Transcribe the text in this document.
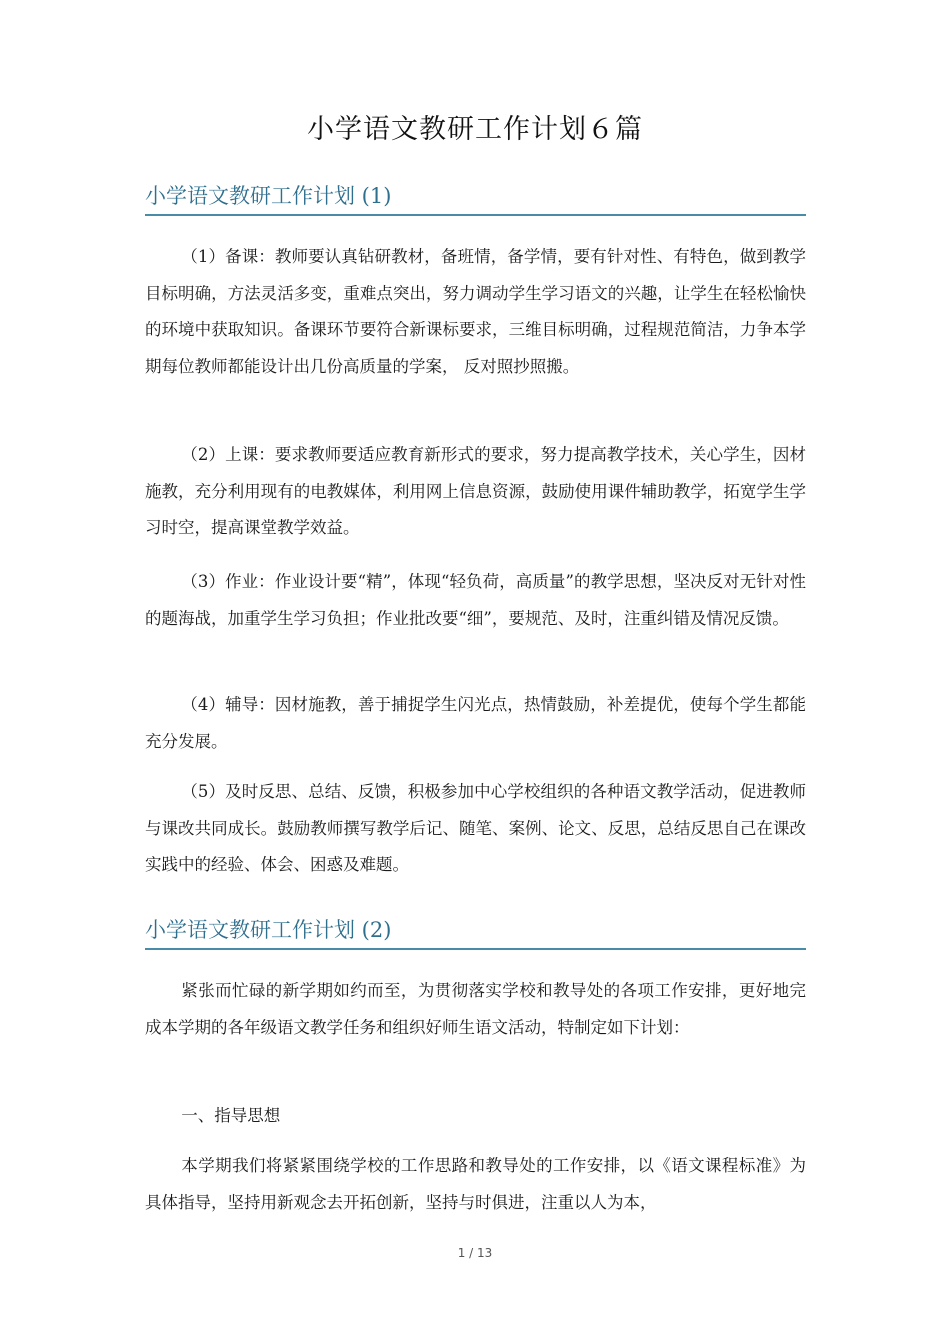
小学语文教研工作计划６篇
小学语文教研工作计划 (1)

（1）备课：教师要认真钻研教材，备班情，备学情，要有针对性、有特色，做到教学目标明确，方法灵活多变，重难点突出，努力调动学生学习语文的兴趣，让学生在轻松愉快的环境中获取知识。备课环节要符合新课标要求，三维目标明确，过程规范简洁，力争本学期每位教师都能设计出几份高质量的学案， 反对照抄照搬。

（2）上课：要求教师要适应教育新形式的要求，努力提高教学技术，关心学生，因材施教，充分利用现有的电教媒体，利用网上信息资源，鼓励使用课件辅助教学，拓宽学生学习时空，提高课堂教学效益。

（3）作业：作业设计要“精”，体现“轻负荷，高质量”的教学思想，坚决反对无针对性的题海战，加重学生学习负担；作业批改要“细”，要规范、及时，注重纠错及情况反馈。

（4）辅导：因材施教，善于捕捉学生闪光点，热情鼓励，补差提优，使每个学生都能充分发展。

（5）及时反思、总结、反馈，积极参加中心学校组织的各种语文教学活动，促进教师与课改共同成长。鼓励教师撰写教学后记、随笔、案例、论文、反思，总结反思自己在课改实践中的经验、体会、困惑及难题。

小学语文教研工作计划 (2)

紧张而忙碌的新学期如约而至，为贯彻落实学校和教导处的各项工作安排，更好地完成本学期的各年级语文教学任务和组织好师生语文活动，特制定如下计划：

一、指导思想

本学期我们将紧紧围绕学校的工作思路和教导处的工作安排，以《语文课程标准》为具体指导，坚持用新观念去开拓创新，坚持与时俱进，注重以人为本，

1 / 13
